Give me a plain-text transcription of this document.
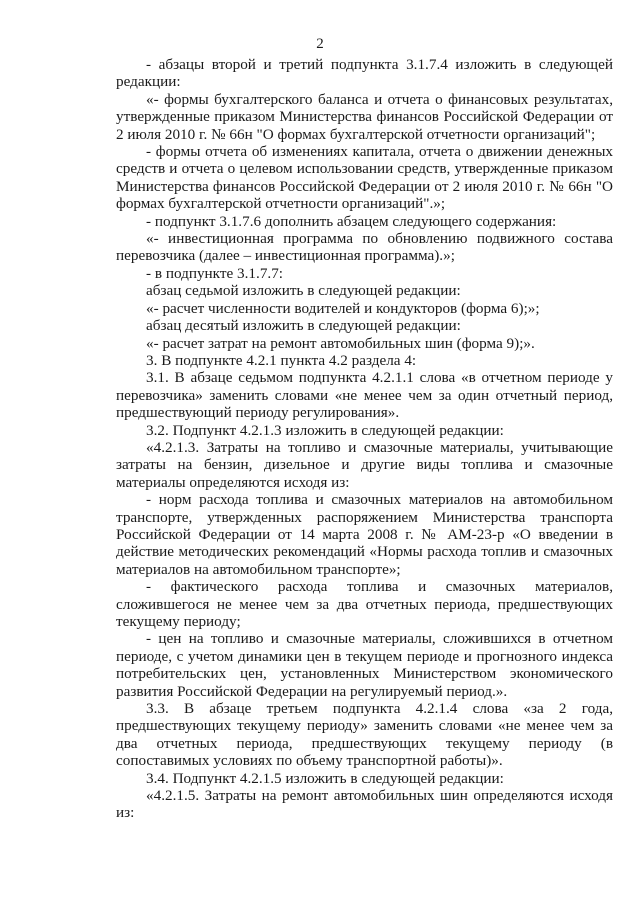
2

- абзацы второй и третий подпункта 3.1.7.4 изложить в следующей редакции:

«- формы бухгалтерского баланса и отчета о финансовых результатах, утвержденные приказом Министерства финансов Российской Федерации от 2 июля 2010 г. № 66н "О формах бухгалтерской отчетности организаций";

- формы отчета об изменениях капитала, отчета о движении денежных средств и отчета о целевом использовании средств, утвержденные приказом Министерства финансов Российской Федерации от 2 июля 2010 г. № 66н "О формах бухгалтерской отчетности организаций".»;

- подпункт 3.1.7.6 дополнить абзацем следующего содержания:

«- инвестиционная программа по обновлению подвижного состава перевозчика (далее – инвестиционная программа).»;

- в подпункте 3.1.7.7:

абзац седьмой изложить в следующей редакции:

«- расчет численности водителей и кондукторов (форма 6);»;

абзац десятый изложить в следующей редакции:

«- расчет затрат на ремонт автомобильных шин (форма 9);».

3. В подпункте 4.2.1 пункта 4.2 раздела 4:

3.1. В абзаце седьмом подпункта 4.2.1.1 слова «в отчетном периоде у перевозчика» заменить словами «не менее чем за один отчетный период, предшествующий периоду регулирования».

3.2. Подпункт 4.2.1.3 изложить в следующей редакции:

«4.2.1.3. Затраты на топливо и смазочные материалы, учитывающие затраты на бензин, дизельное и другие виды топлива и смазочные материалы определяются исходя из:

- норм расхода топлива и смазочных материалов на автомобильном транспорте, утвержденных распоряжением Министерства транспорта Российской Федерации от 14 марта 2008 г. № АМ-23-р «О введении в действие методических рекомендаций «Нормы расхода топлив и смазочных материалов на автомобильном транспорте»;

- фактического расхода топлива и смазочных материалов, сложившегося не менее чем за два отчетных периода, предшествующих текущему периоду;

- цен на топливо и смазочные материалы, сложившихся в отчетном периоде, с учетом динамики цен в текущем периоде и прогнозного индекса потребительских цен, установленных Министерством экономического развития Российской Федерации на регулируемый период.».

3.3. В абзаце третьем подпункта 4.2.1.4 слова «за 2 года, предшествующих текущему периоду» заменить словами «не менее чем за два отчетных периода, предшествующих текущему периоду (в сопоставимых условиях по объему транспортной работы)».

3.4. Подпункт 4.2.1.5 изложить в следующей редакции:

«4.2.1.5. Затраты на ремонт автомобильных шин определяются исходя из:
